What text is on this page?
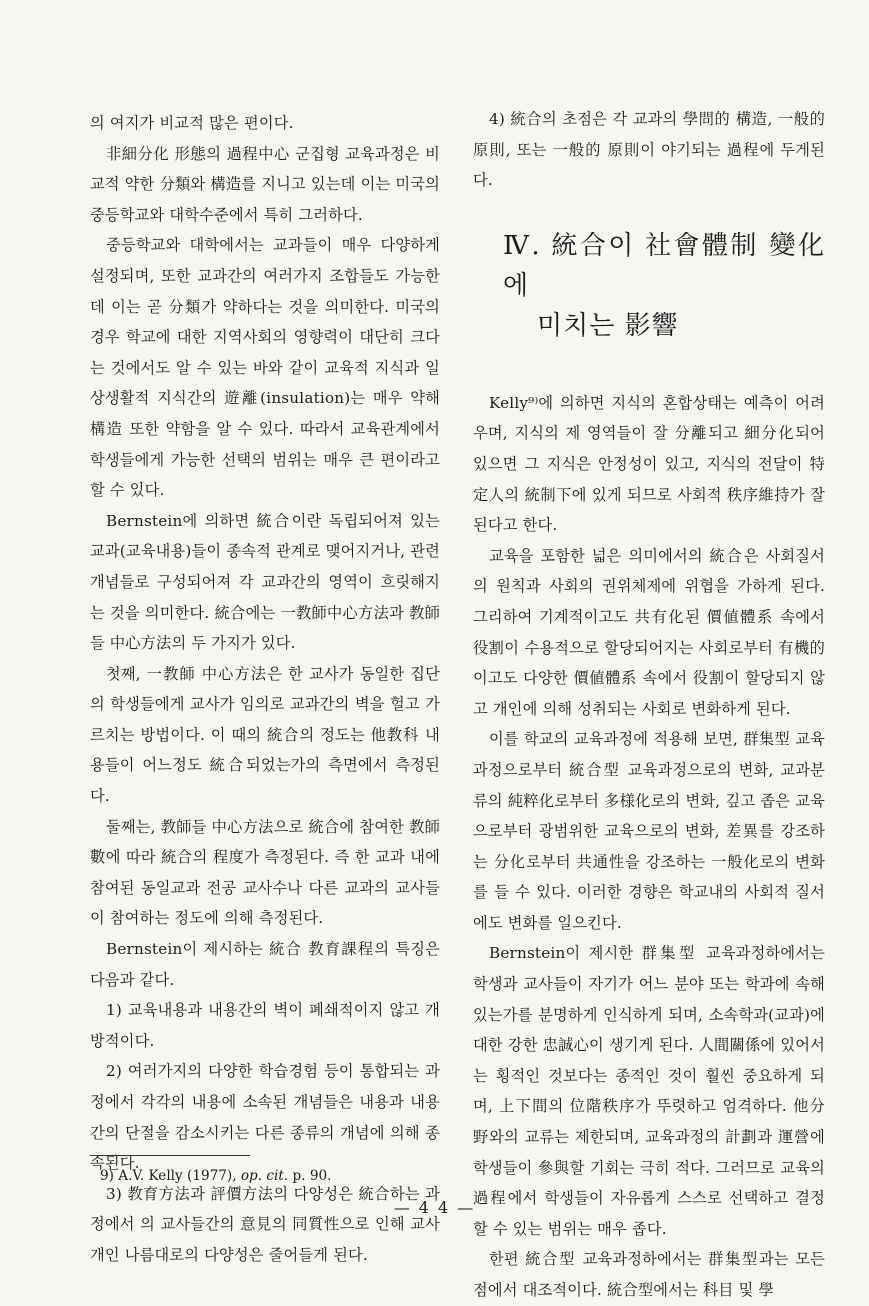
의 여지가 비교적 많은 편이다.

非細分化 形態의 過程中心 군집형 교육과정은 비교적 약한 分類와 構造를 지니고 있는데 이는 미국의 중등학교와 대학수준에서 특히 그러하다.

중등학교와 대학에서는 교과들이 매우 다양하게 설정되며, 또한 교과간의 여러가지 조합들도 가능한데 이는 곧 分類가 약하다는 것을 의미한다. 미국의 경우 학교에 대한 지역사회의 영향력이 대단히 크다는 것에서도 알 수 있는 바와 같이 교육적 지식과 일상생활적 지식간의 遊離(insulation)는 매우 약해 構造 또한 약함을 알 수 있다. 따라서 교육관계에서 학생들에게 가능한 선택의 범위는 매우 큰 편이라고 할 수 있다.

Bernstein에 의하면 統合이란 독립되어져 있는 교과(교육내용)들이 종속적 관계로 맺어지거나, 관련개념들로 구성되어져 각 교과간의 영역이 흐릿해지는 것을 의미한다. 統合에는 一教師中心方法과 教師들 中心方法의 두 가지가 있다.

첫째, 一教師 中心方法은 한 교사가 동일한 집단의 학생들에게 교사가 임의로 교과간의 벽을 헐고 가르치는 방법이다. 이 때의 統合의 정도는 他教科 내용들이 어느정도 統合되었는가의 측면에서 측정된다.

둘째는, 教師들 中心方法으로 統合에 참여한 教師數에 따라 統合의 程度가 측정된다. 즉 한 교과 내에 참여된 동일교과 전공 교사수나 다른 교과의 교사들이 참여하는 정도에 의해 측정된다.

Bernstein이 제시하는 統合 教育課程의 특징은 다음과 같다.

1) 교육내용과 내용간의 벽이 폐쇄적이지 않고 개방적이다.

2) 여러가지의 다양한 학습경험 등이 통합되는 과정에서 각각의 내용에 소속된 개념들은 내용과 내용간의 단절을 감소시키는 다른 종류의 개념에 의해 종속된다.

3) 教育方法과 評價方法의 다양성은 統合하는 과정에서 의 교사들간의 意見의 同質性으로 인해 교사개인 나름대로의 다양성은 줄어들게 된다.

4) 統合의 초점은 각 교과의 學問的 構造, 一般的 原則, 또는 一般的 原則이 야기되는 過程에 두게된다.

Ⅳ. 統合이 社會體制 變化에
미치는 影響

Kelly⁹⁾에 의하면 지식의 혼합상태는 예측이 어려우며, 지식의 제 영역들이 잘 分離되고 細分化되어 있으면 그 지식은 안정성이 있고, 지식의 전달이 特定人의 統制下에 있게 되므로 사회적 秩序維持가 잘 된다고 한다.

교육을 포함한 넓은 의미에서의 統合은 사회질서의 원칙과 사회의 권위체제에 위협을 가하게 된다. 그리하여 기계적이고도 共有化된 價値體系 속에서 役割이 수용적으로 할당되어지는 사회로부터 有機的이고도 다양한 價値體系 속에서 役割이 할당되지 않고 개인에 의해 성취되는 사회로 변화하게 된다.

이를 학교의 교육과정에 적용해 보면, 群集型 교육과정으로부터 統合型 교육과정으로의 변화, 교과분류의 純粹化로부터 多様化로의 변화, 깊고 좁은 교육으로부터 광범위한 교육으로의 변화, 差異를 강조하는 分化로부터 共通性을 강조하는 一般化로의 변화를 들 수 있다. 이러한 경향은 학교내의 사회적 질서에도 변화를 일으킨다.

Bernstein이 제시한 群集型 교육과정하에서는 학생과 교사들이 자기가 어느 분야 또는 학과에 속해있는가를 분명하게 인식하게 되며, 소속학과(교과)에 대한 강한 忠誠心이 생기게 된다. 人間關係에 있어서는 횡적인 것보다는 종적인 것이 훨씬 중요하게 되며, 上下間의 位階秩序가 뚜렷하고 엄격하다. 他分野와의 교류는 제한되며, 교육과정의 計劃과 運營에 학생들이 參與할 기회는 극히 적다. 그러므로 교육의 過程에서 학생들이 자유롭게 스스로 선택하고 결정할 수 있는 범위는 매우 좁다.

한편 統合型 교육과정하에서는 群集型과는 모든 점에서 대조적이다. 統合型에서는 科目 및 學

9) A.V. Kelly (1977), op. cit. p. 90.
— 4 4 —
